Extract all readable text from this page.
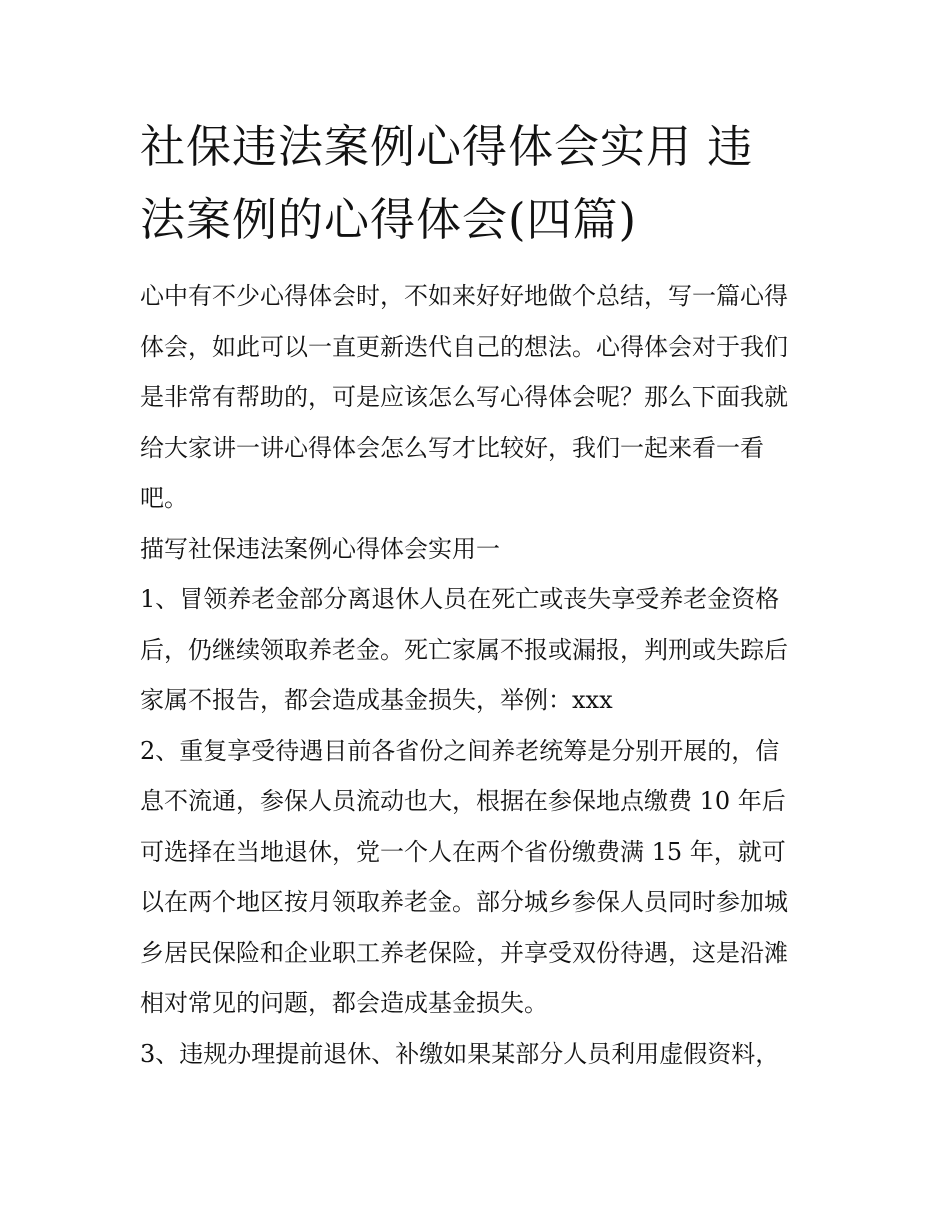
社保违法案例心得体会实用 违
法案例的心得体会(四篇)
心中有不少心得体会时，不如来好好地做个总结，写一篇心得
体会，如此可以一直更新迭代自己的想法。心得体会对于我们
是非常有帮助的，可是应该怎么写心得体会呢？那么下面我就
给大家讲一讲心得体会怎么写才比较好，我们一起来看一看
吧。
描写社保违法案例心得体会实用一
1、冒领养老金部分离退休人员在死亡或丧失享受养老金资格
后，仍继续领取养老金。死亡家属不报或漏报，判刑或失踪后
家属不报告，都会造成基金损失，举例：xxx
2、重复享受待遇目前各省份之间养老统筹是分别开展的，信
息不流通，参保人员流动也大，根据在参保地点缴费 10 年后
可选择在当地退休，党一个人在两个省份缴费满 15 年，就可
以在两个地区按月领取养老金。部分城乡参保人员同时参加城
乡居民保险和企业职工养老保险，并享受双份待遇，这是沿滩
相对常见的问题，都会造成基金损失。
3、违规办理提前退休、补缴如果某部分人员利用虚假资料，
